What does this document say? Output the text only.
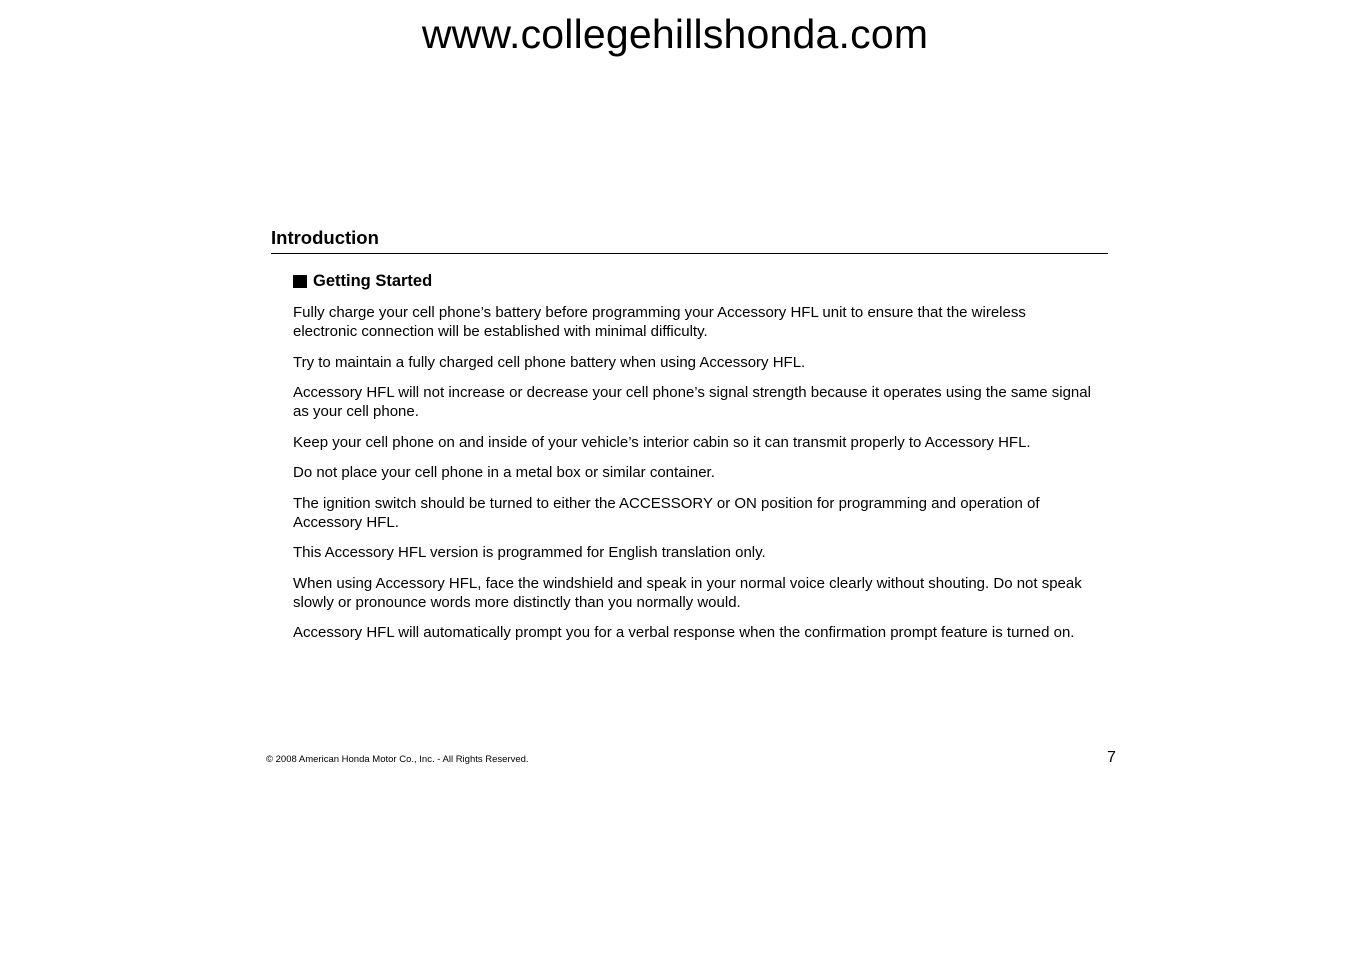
www.collegehillshonda.com
Introduction
Getting Started

Fully charge your cell phone’s battery before programming your Accessory HFL unit to ensure that the wireless electronic connection will be established with minimal difficulty.

Try to maintain a fully charged cell phone battery when using Accessory HFL.

Accessory HFL will not increase or decrease your cell phone’s signal strength because it operates using the same signal as your cell phone.

Keep your cell phone on and inside of your vehicle’s interior cabin so it can transmit properly to Accessory HFL.

Do not place your cell phone in a metal box or similar container.

The ignition switch should be turned to either the ACCESSORY or ON position for programming and operation of Accessory HFL.

This Accessory HFL version is programmed for English translation only.

When using Accessory HFL, face the windshield and speak in your normal voice clearly without shouting. Do not speak slowly or pronounce words more distinctly than you normally would.

Accessory HFL will automatically prompt you for a verbal response when the confirmation prompt feature is turned on.

© 2008 American Honda Motor Co., Inc. - All Rights Reserved.	7
